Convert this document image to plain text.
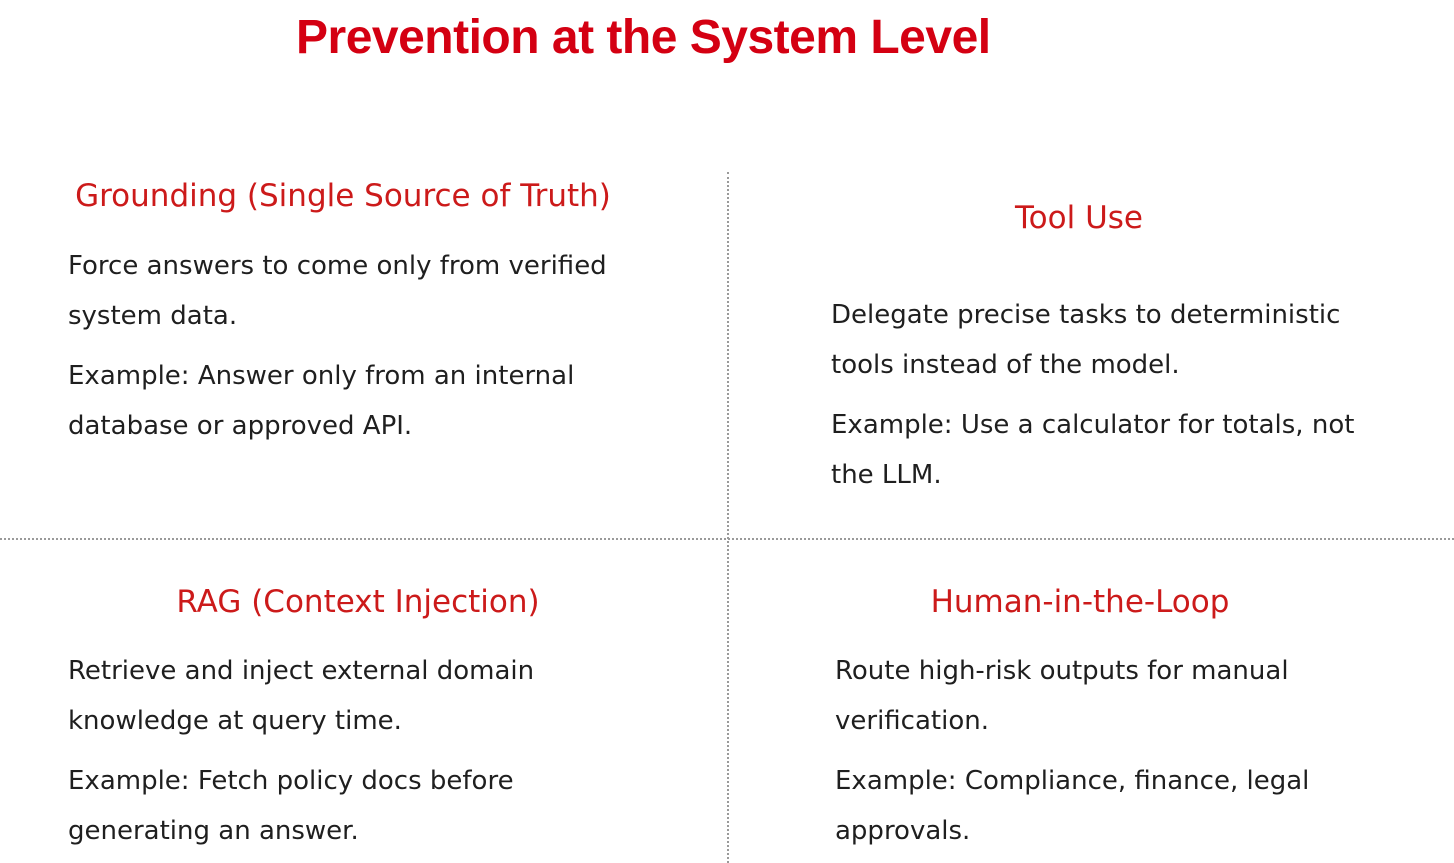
Prevention at the System Level
Grounding (Single Source of Truth)

Force answers to come only from verified system data.

Example: Answer only from an internal database or approved API.

Tool Use

Delegate precise tasks to deterministic tools instead of the model.

Example: Use a calculator for totals, not the LLM.

RAG (Context Injection)

Retrieve and inject external domain knowledge at query time.

Example: Fetch policy docs before generating an answer.

Human-in-the-Loop

Route high-risk outputs for manual verification.

Example: Compliance, finance, legal approvals.
